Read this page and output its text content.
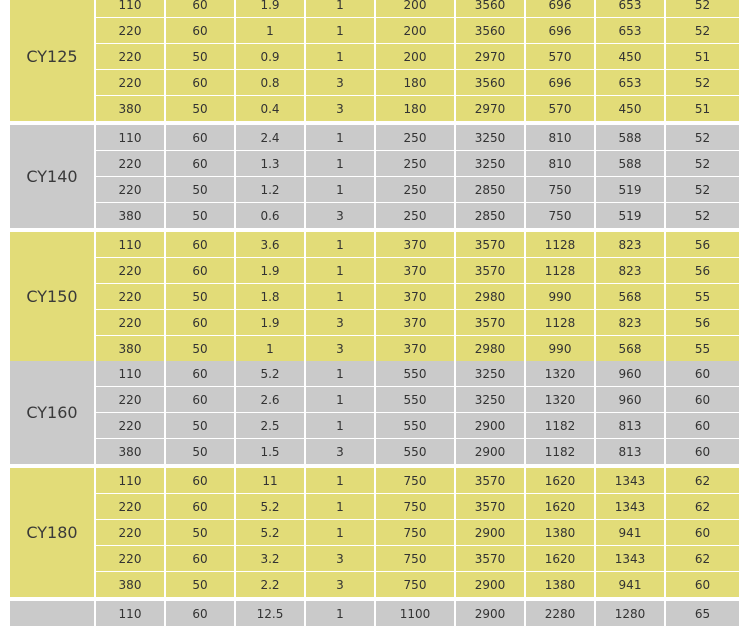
CY125
110	60	1.9	1	200	3560	696	653	52
220	60	1	1	200	3560	696	653	52
220	50	0.9	1	200	2970	570	450	51
220	60	0.8	3	180	3560	696	653	52
380	50	0.4	3	180	2970	570	450	51
CY140
110	60	2.4	1	250	3250	810	588	52
220	60	1.3	1	250	3250	810	588	52
220	50	1.2	1	250	2850	750	519	52
380	50	0.6	3	250	2850	750	519	52
CY150
110	60	3.6	1	370	3570	1128	823	56
220	60	1.9	1	370	3570	1128	823	56
220	50	1.8	1	370	2980	990	568	55
220	60	1.9	3	370	3570	1128	823	56
380	50	1	3	370	2980	990	568	55
CY160
110	60	5.2	1	550	3250	1320	960	60
220	60	2.6	1	550	3250	1320	960	60
220	50	2.5	1	550	2900	1182	813	60
380	50	1.5	3	550	2900	1182	813	60
CY180
110	60	11	1	750	3570	1620	1343	62
220	60	5.2	1	750	3570	1620	1343	62
220	50	5.2	1	750	2900	1380	941	60
220	60	3.2	3	750	3570	1620	1343	62
380	50	2.2	3	750	2900	1380	941	60
110	60	12.5	1	1100	2900	2280	1280	65
